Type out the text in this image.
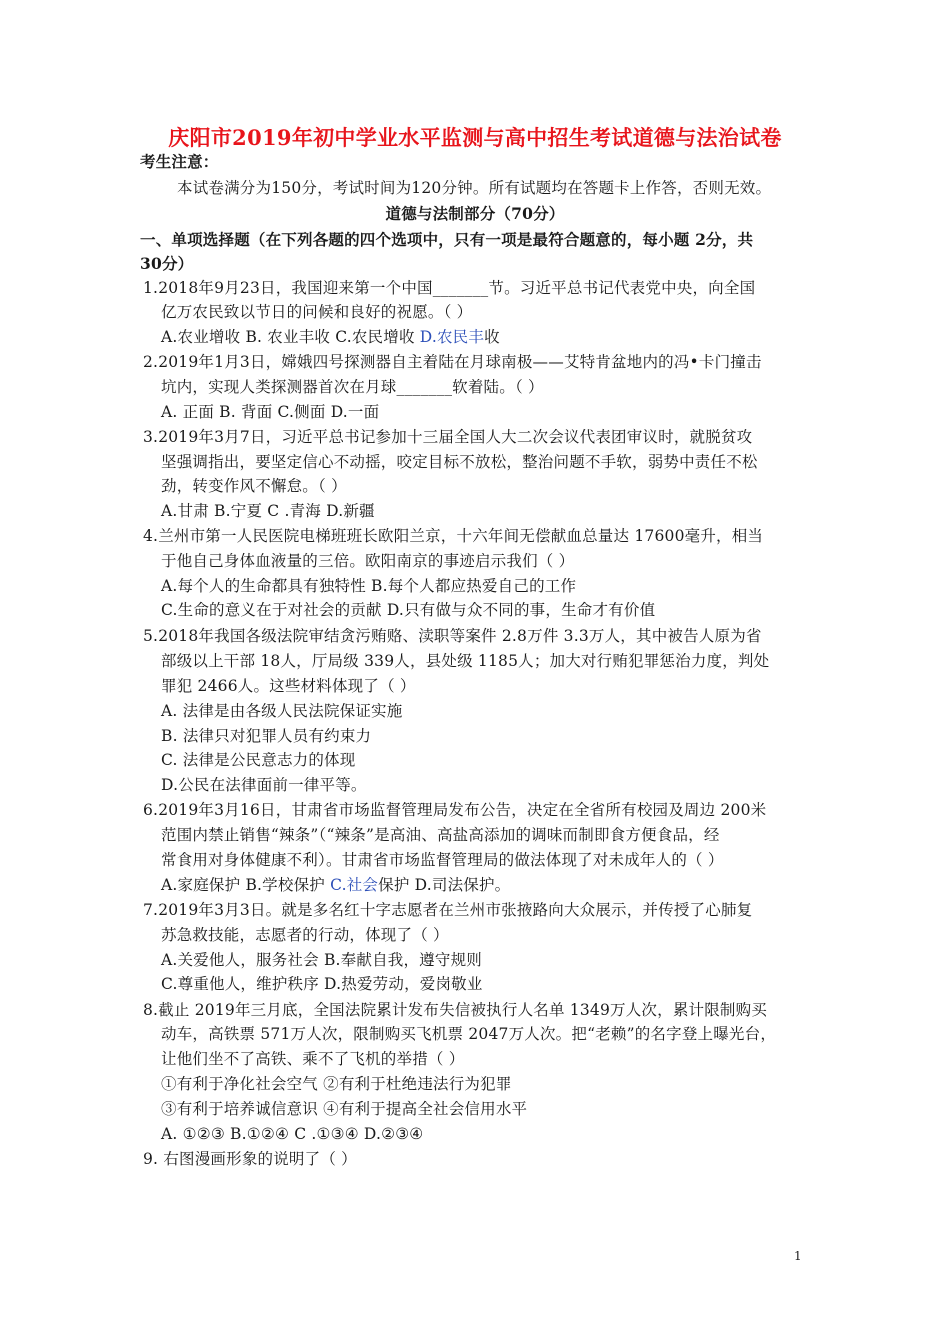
庆阳市2019年初中学业水平监测与高中招生考试道德与法治试卷
考生注意：
本试卷满分为150分，考试时间为120分钟。所有试题均在答题卡上作答，否则无效。
道德与法制部分（70分）
一、单项选择题（在下列各题的四个选项中，只有一项是最符合题意的，每小题 2分，共
30分）
1.2018年9月23日，我国迎来第一个中国_______节。习近平总书记代表党中央，向全国
亿万农民致以节日的问候和良好的祝愿。（ ）
A.农业增收 B. 农业丰收 C.农民增收 D.农民丰收
2.2019年1月3日，嫦娥四号探测器自主着陆在月球南极——艾特肯盆地内的冯•卡门撞击
坑内，实现人类探测器首次在月球_______软着陆。（ ）
A. 正面 B. 背面 C.侧面 D.一面
3.2019年3月7日，习近平总书记参加十三届全国人大二次会议代表团审议时，就脱贫攻
坚强调指出，要坚定信心不动摇，咬定目标不放松，整治问题不手软，弱势中责任不松
劲，转变作风不懈怠。（ ）
A.甘肃 B.宁夏 C .青海 D.新疆
4.兰州市第一人民医院电梯班班长欧阳兰京，十六年间无偿献血总量达 17600毫升，相当
于他自己身体血液量的三倍。欧阳南京的事迹启示我们（ ）
A.每个人的生命都具有独特性 B.每个人都应热爱自己的工作
C.生命的意义在于对社会的贡献 D.只有做与众不同的事，生命才有价值
5.2018年我国各级法院审结贪污贿赂、渎职等案件 2.8万件 3.3万人，其中被告人原为省
部级以上干部 18人，厅局级 339人，县处级 1185人；加大对行贿犯罪惩治力度，判处
罪犯 2466人。这些材料体现了（ ）
A. 法律是由各级人民法院保证实施
B. 法律只对犯罪人员有约束力
C. 法律是公民意志力的体现
D.公民在法律面前一律平等。
6.2019年3月16日，甘肃省市场监督管理局发布公告，决定在全省所有校园及周边 200米
范围内禁止销售“辣条”（“辣条”是高油、高盐高添加的调味而制即食方便食品，经
常食用对身体健康不利）。甘肃省市场监督管理局的做法体现了对未成年人的（ ）
A.家庭保护 B.学校保护 C.社会保护 D.司法保护。
7.2019年3月3日。就是多名红十字志愿者在兰州市张掖路向大众展示，并传授了心肺复
苏急救技能，志愿者的行动，体现了（ ）
A.关爱他人，服务社会 B.奉献自我，遵守规则
C.尊重他人，维护秩序 D.热爱劳动，爱岗敬业
8.截止 2019年三月底，全国法院累计发布失信被执行人名单 1349万人次，累计限制购买
动车，高铁票 571万人次，限制购买飞机票 2047万人次。把“老赖”的名字登上曝光台，
让他们坐不了高铁、乘不了飞机的举措（ ）
①有利于净化社会空气 ②有利于杜绝违法行为犯罪
③有利于培养诚信意识 ④有利于提高全社会信用水平
A. ①②③ B.①②④ C .①③④ D.②③④
9. 右图漫画形象的说明了（ ）
1
